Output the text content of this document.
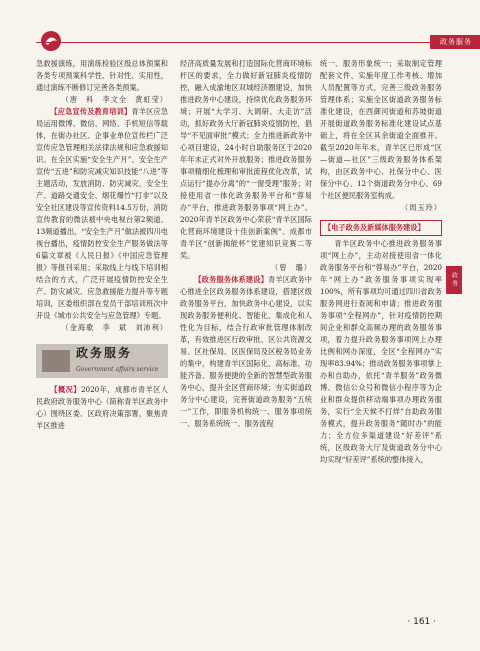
政务服务

急救援演练，用演练检验区级总体预案和各类专项预案科学性、针对性、实用性，通过演练不断修订完善各类预案。

（唐　科　李文全　黄虹莹）

【应急宣传及教育培训】青羊区应急局运用微博、微信、网络、手机短信等载体，在街办社区、企事业单位宣传栏广泛宣传应急管理相关法律法规和应急救援知识。在全区实施“安全生产月”、安全生产宣传“五进”和防灾减灾知识技能“八进”等主题活动，发放消防、防灾减灾、安全生产、道路交通安全、烟花爆竹“打非”以及安全社区建设等宣传资料14.5万份，消防宣传教育的微法被中央电视台第2频道、13频道播出，“安全生产月”做法被四川电视台播出，疫情防控安全生产服务做法等6篇文章被《人民日报》《中国应急管理报》等报刊采用；采取线上与线下培训相结合的方式，广泛开展疫情防控安全生产、防灾减灾、应急救援能力提升等专题培训，区委组织部在党员干部培训班次中开设《城市公共安全与应急管理》专题。

（金海歌　李　斌　刘沛利）

政务服务
Government affairs service

【概况】2020年，成都市青羊区人民政府政务服务中心（简称青羊区政务中心）围绕区委、区政府决策部署，聚焦青羊区推进

经济高质量发展和打造国际化营商环境标杆区的要求，全力做好新冠肺炎疫情防控，融入成渝地区双城经济圈建设，加快推进政务中心建设，持续优化政务服务环境；开展“大学习、大调研、大走访”活动，抓好政务大厅新冠肺炎疫情防控，倡导“不见面审批”模式；全力推进新政务中心项目建设，24小时自助服务区于2020年年末正式对外开放服务；推进政务服务事项精细化梳理和审批流程优化改革，试点运行“提办分离”的“一窗受理”服务；对接使用省一体化政务服务平台和“蓉易办”平台，推进政务服务事项“网上办”。2020年青羊区政务中心荣获“青羊区国际化营商环境建设十佳创新案例”、成都市青羊区“创新揭能杯”党建知识竞赛二等奖。

（曾　璐）

【政务服务体系建设】青羊区政务中心推进全区政务服务体系建设，搭建区级政务服务平台，加快政务中心建设，以实现政务服务便利化、智能化、集成化和人性化为目标，结合行政审批管理体制改革，有效推进区行政审批、区公共资源交易、区社保局、区医保局及区税务局业务的集中，构建青羊区国际化、高标准、功能齐备、服务便捷的全新的智慧型政务服务中心，提升全区营商环境；夯实街道政务分中心建设，完善街道政务服务“五统一”工作，即服务机构统一、服务事项统一、服务系统统一、服务流程

统一、服务形象统一；采取制定管理配套文件、实施年度工作考核、增加人员配置等方式，完善三级政务服务管理体系；实施全区街道政务服务标准化建设，在西御河街道和苏坡街道开展街道政务服务标准化建设试点基础上，将在全区其余街道全面推开。截至2020年年末，青羊区已形成“区—街道—社区”三级政务服务体系架构，由区政务中心、社保分中心、医保分中心、12个街道政务分中心、69个社区便民服务室构成。

（周玉玲）

【电子政务及新媒体服务建设】

青羊区政务中心推进政务服务事项“网上办”，主动对接使用省一体化政务服务平台和“蓉易办”平台，2020年“网上办”政务服务事项实现率100%，所有事项均可通过四川省政务服务网进行查阅和申请；推进政务服务事项“全程网办”，针对疫情防控期间企业和群众高频办理的政务服务事项，着力提升政务服务事项网上办理比例和网办深度，全区“全程网办”实现率83.94%；推动政务服务事项掌上办和自助办，依托“青羊服务”政务微博、微信公众号和微信小程序等为企业和群众提供移动端事项办理政务服务，实行“全天候不打烊”自助政务服务模式，提升政务服务“随时办”的能力；全方位多渠道建设“好差评”系统，区级政务大厅及街道政务分中心均实现“好差评”系统的整体接入，

政务
· 161 ·
